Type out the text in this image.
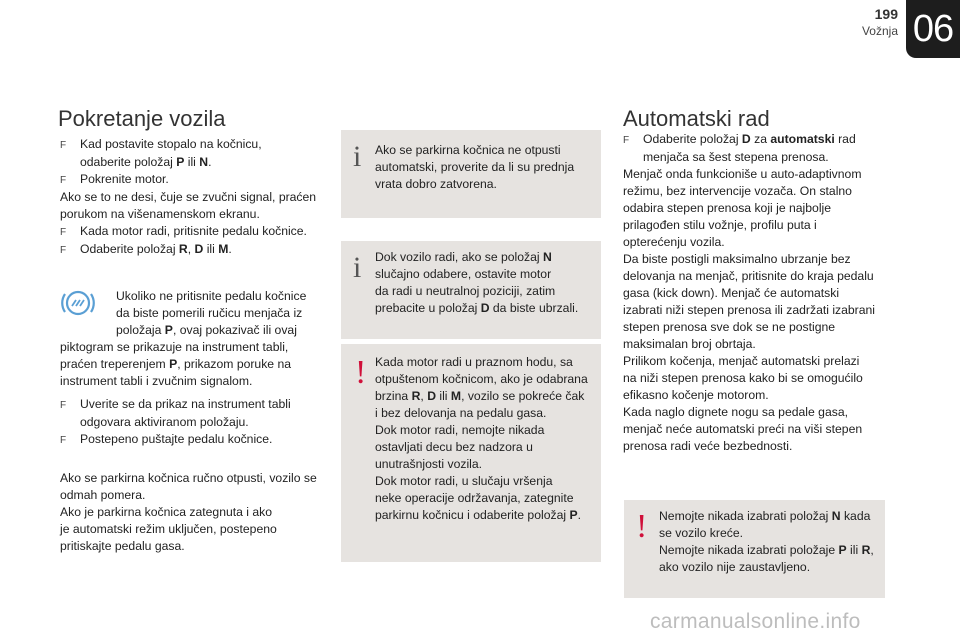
199
Vožnja 06
Pokretanje vozila
F Kad postavite stopalo na kočnicu,
odaberite položaj P ili N.
F Pokrenite motor.
Ako se to ne desi, čuje se zvučni signal, praćen
porukom na višenamenskom ekranu.
F Kada motor radi, pritisnite pedalu kočnice.
F Odaberite položaj R, D ili M.
Ukoliko ne pritisnite pedalu kočnice
da biste pomerili ručicu menjača iz
položaja P, ovaj pokazivač ili ovaj
piktogram se prikazuje na instrument tabli,
praćen treperenjem P, prikazom poruke na
instrument tabli i zvučnim signalom.
F Uverite se da prikaz na instrument tabli
odgovara aktiviranom položaju.
F Postepeno puštajte pedalu kočnice.
Ako se parkirna kočnica ručno otpusti, vozilo se
odmah pomera.
Ako je parkirna kočnica zategnuta i ako
je automatski režim uključen, postepeno
pritiskajte pedalu gasa.
i Ako se parkirna kočnica ne otpusti
automatski, proverite da li su prednja
vrata dobro zatvorena.
i Dok vozilo radi, ako se položaj N
slučajno odabere, ostavite motor
da radi u neutralnoj poziciji, zatim
prebacite u položaj D da biste ubrzali.
! Kada motor radi u praznom hodu, sa
otpuštenom kočnicom, ako je odabrana
brzina R, D ili M, vozilo se pokreće čak
i bez delovanja na pedalu gasa.
Dok motor radi, nemojte nikada
ostavljati decu bez nadzora u
unutrašnjosti vozila.
Dok motor radi, u slučaju vršenja
neke operacije održavanja, zategnite
parkirnu kočnicu i odaberite položaj P.
Automatski rad
F Odaberite položaj D za automatski rad
menjača sa šest stepena prenosa.
Menjač onda funkcioniše u auto-adaptivnom
režimu, bez intervencije vozača. On stalno
odabira stepen prenosa koji je najbolje
prilagođen stilu vožnje, profilu puta i
opterećenju vozila.
Da biste postigli maksimalno ubrzanje bez
delovanja na menjač, pritisnite do kraja pedalu
gasa (kick down). Menjač će automatski
izabrati niži stepen prenosa ili zadržati izabrani
stepen prenosa sve dok se ne postigne
maksimalan broj obrtaja.
Prilikom kočenja, menjač automatski prelazi
na niži stepen prenosa kako bi se omogućilo
efikasno kočenje motorom.
Kada naglo dignete nogu sa pedale gasa,
menjač neće automatski preći na viši stepen
prenosa radi veće bezbednosti.
! Nemojte nikada izabrati položaj N kada
se vozilo kreće.
Nemojte nikada izabrati položaje P ili R,
ako vozilo nije zaustavljeno.
carmanualsonline.info
